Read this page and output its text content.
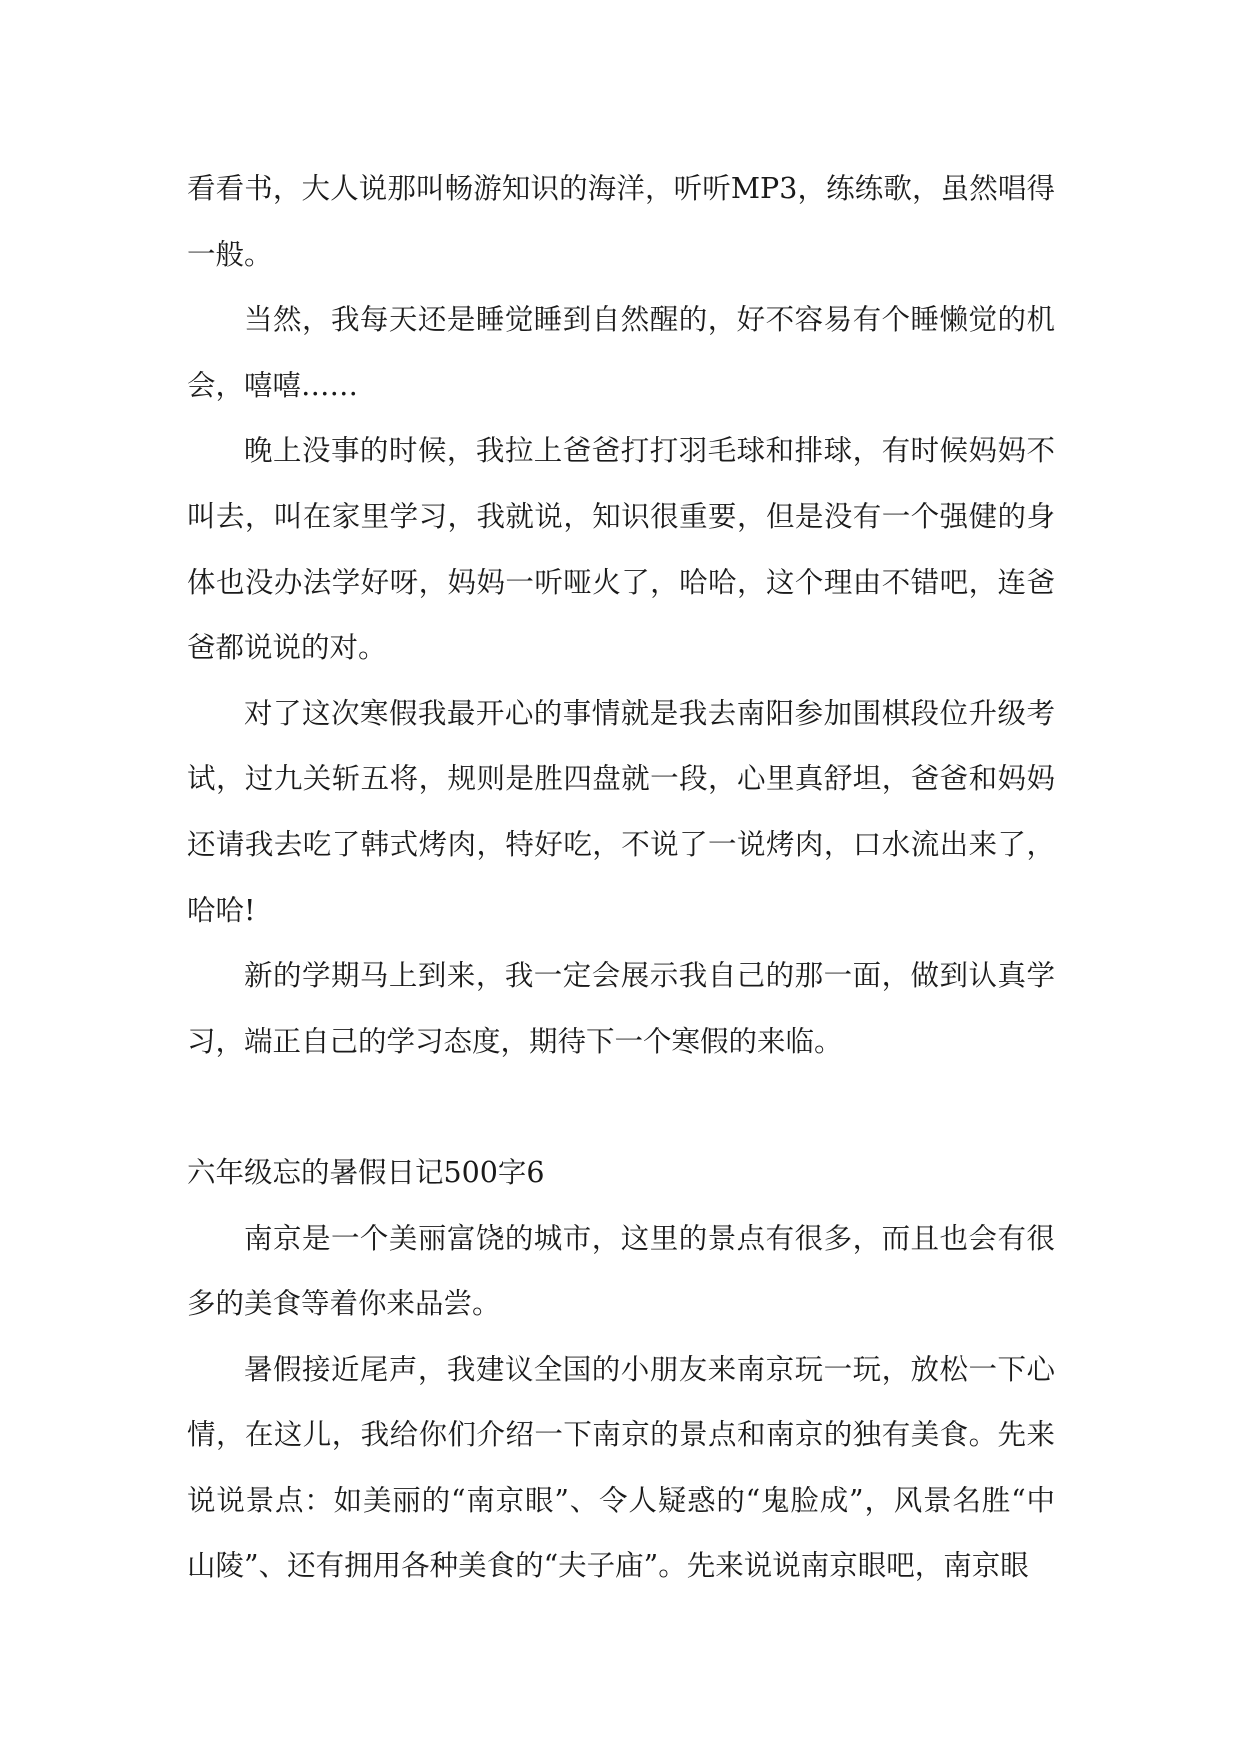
看看书，大人说那叫畅游知识的海洋，听听MP3，练练歌，虽然唱得一般。

当然，我每天还是睡觉睡到自然醒的，好不容易有个睡懒觉的机会，嘻嘻……

晚上没事的时候，我拉上爸爸打打羽毛球和排球，有时候妈妈不叫去，叫在家里学习，我就说，知识很重要，但是没有一个强健的身体也没办法学好呀，妈妈一听哑火了，哈哈，这个理由不错吧，连爸爸都说说的对。

对了这次寒假我最开心的事情就是我去南阳参加围棋段位升级考试，过九关斩五将，规则是胜四盘就一段，心里真舒坦，爸爸和妈妈还请我去吃了韩式烤肉，特好吃，不说了一说烤肉，口水流出来了，哈哈!

新的学期马上到来，我一定会展示我自己的那一面，做到认真学习，端正自己的学习态度，期待下一个寒假的来临。

六年级忘的暑假日记500字6

南京是一个美丽富饶的城市，这里的景点有很多，而且也会有很多的美食等着你来品尝。

暑假接近尾声，我建议全国的小朋友来南京玩一玩，放松一下心情，在这儿，我给你们介绍一下南京的景点和南京的独有美食。先来说说景点：如美丽的“南京眼”、令人疑惑的“鬼脸成”，风景名胜“中山陵”、还有拥用各种美食的“夫子庙”。先来说说南京眼吧，南京眼
